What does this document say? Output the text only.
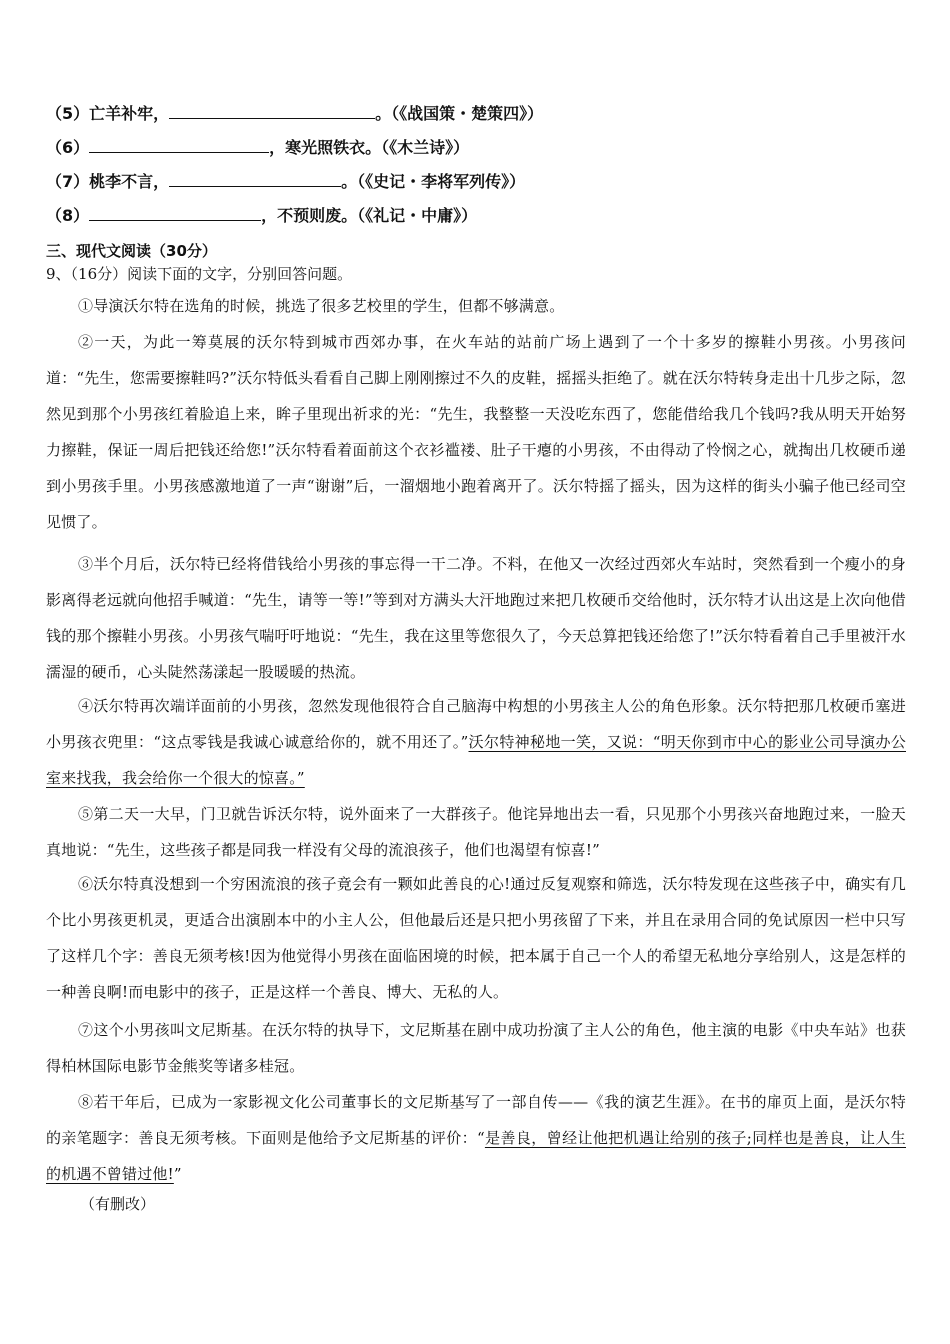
（5）亡羊补牢，	。（《战国策・楚策四》）
（6）	，寒光照铁衣。（《木兰诗》）
（7）桃李不言，	。（《史记・李将军列传》）
（8）	，不预则废。（《礼记・中庸》）
三、现代文阅读（30分）
9、（16分）阅读下面的文字，分别回答问题。
①导演沃尔特在选角的时候，挑选了很多艺校里的学生，但都不够满意。
②一天，为此一筹莫展的沃尔特到城市西郊办事，在火车站的站前广场上遇到了一个十多岁的擦鞋小男孩。小男孩问道：“先生，您需要擦鞋吗?”沃尔特低头看看自己脚上刚刚擦过不久的皮鞋，摇摇头拒绝了。就在沃尔特转身走出十几步之际，忽然见到那个小男孩红着脸追上来，眸子里现出祈求的光：“先生，我整整一天没吃东西了，您能借给我几个钱吗?我从明天开始努力擦鞋，保证一周后把钱还给您!”沃尔特看着面前这个衣衫褴褛、肚子干瘪的小男孩，不由得动了怜悯之心，就掏出几枚硬币递到小男孩手里。小男孩感激地道了一声“谢谢”后，一溜烟地小跑着离开了。沃尔特摇了摇头，因为这样的街头小骗子他已经司空见惯了。
③半个月后，沃尔特已经将借钱给小男孩的事忘得一干二净。不料，在他又一次经过西郊火车站时，突然看到一个瘦小的身影离得老远就向他招手喊道：“先生，请等一等!”等到对方满头大汗地跑过来把几枚硬币交给他时，沃尔特才认出这是上次向他借钱的那个擦鞋小男孩。小男孩气喘吁吁地说：“先生，我在这里等您很久了，今天总算把钱还给您了!”沃尔特看着自己手里被汗水濡湿的硬币，心头陡然荡漾起一股暖暖的热流。
④沃尔特再次端详面前的小男孩，忽然发现他很符合自己脑海中构想的小男孩主人公的角色形象。沃尔特把那几枚硬币塞进小男孩衣兜里：“这点零钱是我诚心诚意给你的，就不用还了。”沃尔特神秘地一笑，又说：“明天你到市中心的影业公司导演办公室来找我，我会给你一个很大的惊喜。”
⑤第二天一大早，门卫就告诉沃尔特，说外面来了一大群孩子。他诧异地出去一看，只见那个小男孩兴奋地跑过来，一脸天真地说：“先生，这些孩子都是同我一样没有父母的流浪孩子，他们也渴望有惊喜!”
⑥沃尔特真没想到一个穷困流浪的孩子竟会有一颗如此善良的心!通过反复观察和筛选，沃尔特发现在这些孩子中，确实有几个比小男孩更机灵，更适合出演剧本中的小主人公，但他最后还是只把小男孩留了下来，并且在录用合同的免试原因一栏中只写了这样几个字：善良无须考核!因为他觉得小男孩在面临困境的时候，把本属于自己一个人的希望无私地分享给别人，这是怎样的一种善良啊!而电影中的孩子，正是这样一个善良、博大、无私的人。
⑦这个小男孩叫文尼斯基。在沃尔特的执导下，文尼斯基在剧中成功扮演了主人公的角色，他主演的电影《中央车站》也获得柏林国际电影节金熊奖等诸多桂冠。
⑧若干年后，已成为一家影视文化公司董事长的文尼斯基写了一部自传——《我的演艺生涯》。在书的扉页上面，是沃尔特的亲笔题字：善良无须考核。下面则是他给予文尼斯基的评价：“是善良，曾经让他把机遇让给别的孩子;同样也是善良，让人生的机遇不曾错过他!”
（有删改）
